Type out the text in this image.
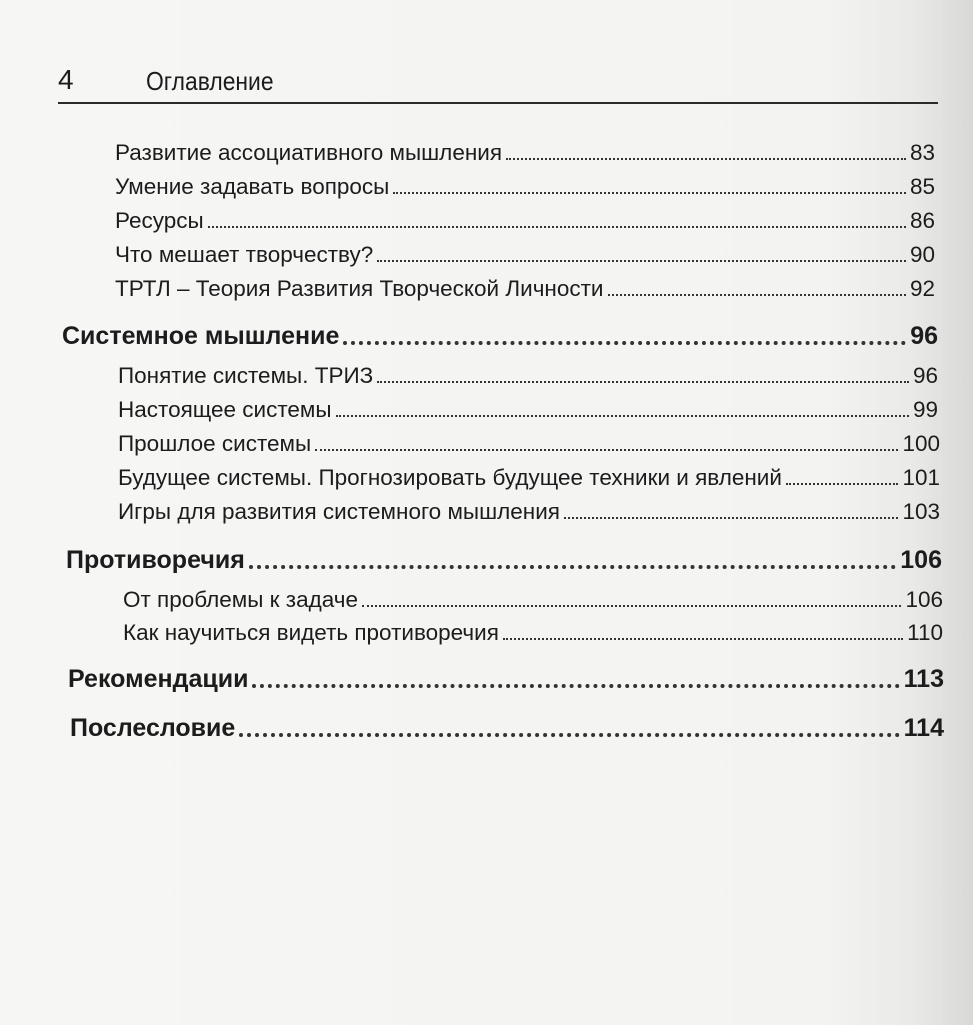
4	Оглавление
Развитие ассоциативного мышления	83
Умение задавать вопросы	85
Ресурсы	86
Что мешает творчеству?	90
ТРТЛ – Теория Развития Творческой Личности	92
Системное мышление	96
Понятие системы. ТРИЗ	96
Настоящее системы	99
Прошлое системы	100
Будущее системы. Прогнозировать будущее техники и явлений	101
Игры для развития системного мышления	103
Противоречия	106
От проблемы к задаче	106
Как научиться видеть противоречия	110
Рекомендации	113
Послесловие	114
